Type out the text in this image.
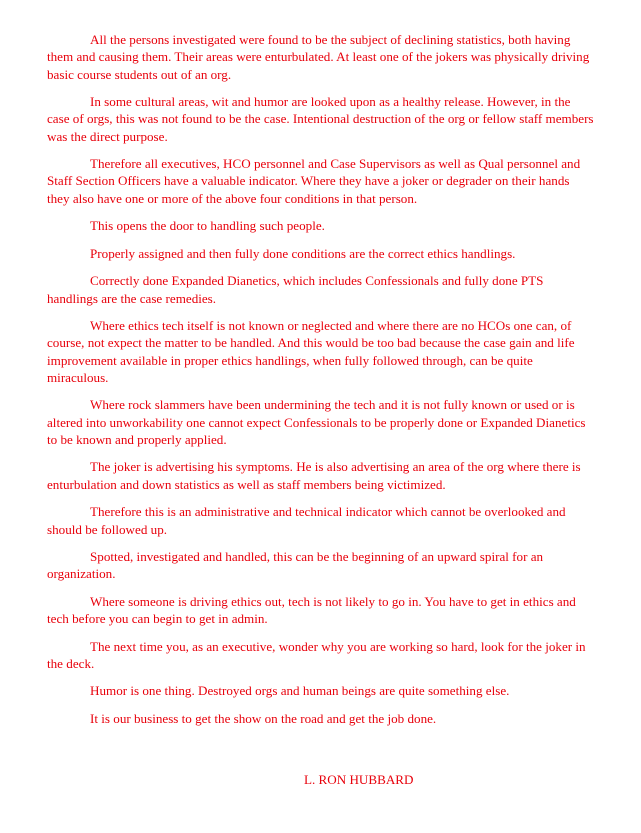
All the persons investigated were found to be the subject of declining statistics, both having them and causing them. Their areas were enturbulated. At least one of the jokers was physically driving basic course students out of an org.

In some cultural areas, wit and humor are looked upon as a healthy release. However, in the case of orgs, this was not found to be the case. Intentional destruction of the org or fellow staff members was the direct purpose.

Therefore all executives, HCO personnel and Case Supervisors as well as Qual personnel and Staff Section Officers have a valuable indicator. Where they have a joker or degrader on their hands they also have one or more of the above four conditions in that person.

This opens the door to handling such people.

Properly assigned and then fully done conditions are the correct ethics handlings.

Correctly done Expanded Dianetics, which includes Confessionals and fully done PTS handlings are the case remedies.

Where ethics tech itself is not known or neglected and where there are no HCOs one can, of course, not expect the matter to be handled. And this would be too bad because the case gain and life improvement available in proper ethics handlings, when fully followed through, can be quite miraculous.

Where rock slammers have been undermining the tech and it is not fully known or used or is altered into unworkability one cannot expect Confessionals to be properly done or Expanded Dianetics to be known and properly applied.

The joker is advertising his symptoms. He is also advertising an area of the org where there is enturbulation and down statistics as well as staff members being victimized.

Therefore this is an administrative and technical indicator which cannot be overlooked and should be followed up.

Spotted, investigated and handled, this can be the beginning of an upward spiral for an organization.

Where someone is driving ethics out, tech is not likely to go in. You have to get in ethics and tech before you can begin to get in admin.

The next time you, as an executive, wonder why you are working so hard, look for the joker in the deck.

Humor is one thing. Destroyed orgs and human beings are quite something else.

It is our business to get the show on the road and get the job done.

L. RON HUBBARD
